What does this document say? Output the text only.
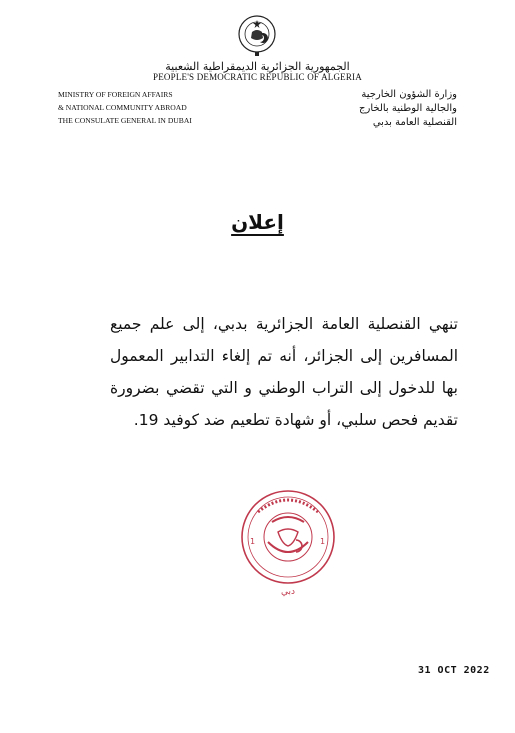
الجمهورية الجزائرية الديمقراطية الشعبية
PEOPLE'S DEMOCRATIC REPUBLIC OF ALGERIA
MINISTRY OF FOREIGN AFFAIRS
& NATIONAL COMMUNITY ABROAD
THE CONSULATE GENERAL IN DUBAI
وزارة الشؤون الخارجية
والجالية الوطنية بالخارج
القنصلية العامة بدبي
إعلان
تنهي القنصلية العامة الجزائرية بدبي، إلى علم جميع المسافرين إلى الجزائر، أنه تم إلغاء التدابير المعمول بها للدخول إلى التراب الوطني و التي تقضي بضرورة تقديم فحص سلبي، أو شهادة تطعيم ضد كوفيد 19.
1	1
دبي
31 OCT 2022
